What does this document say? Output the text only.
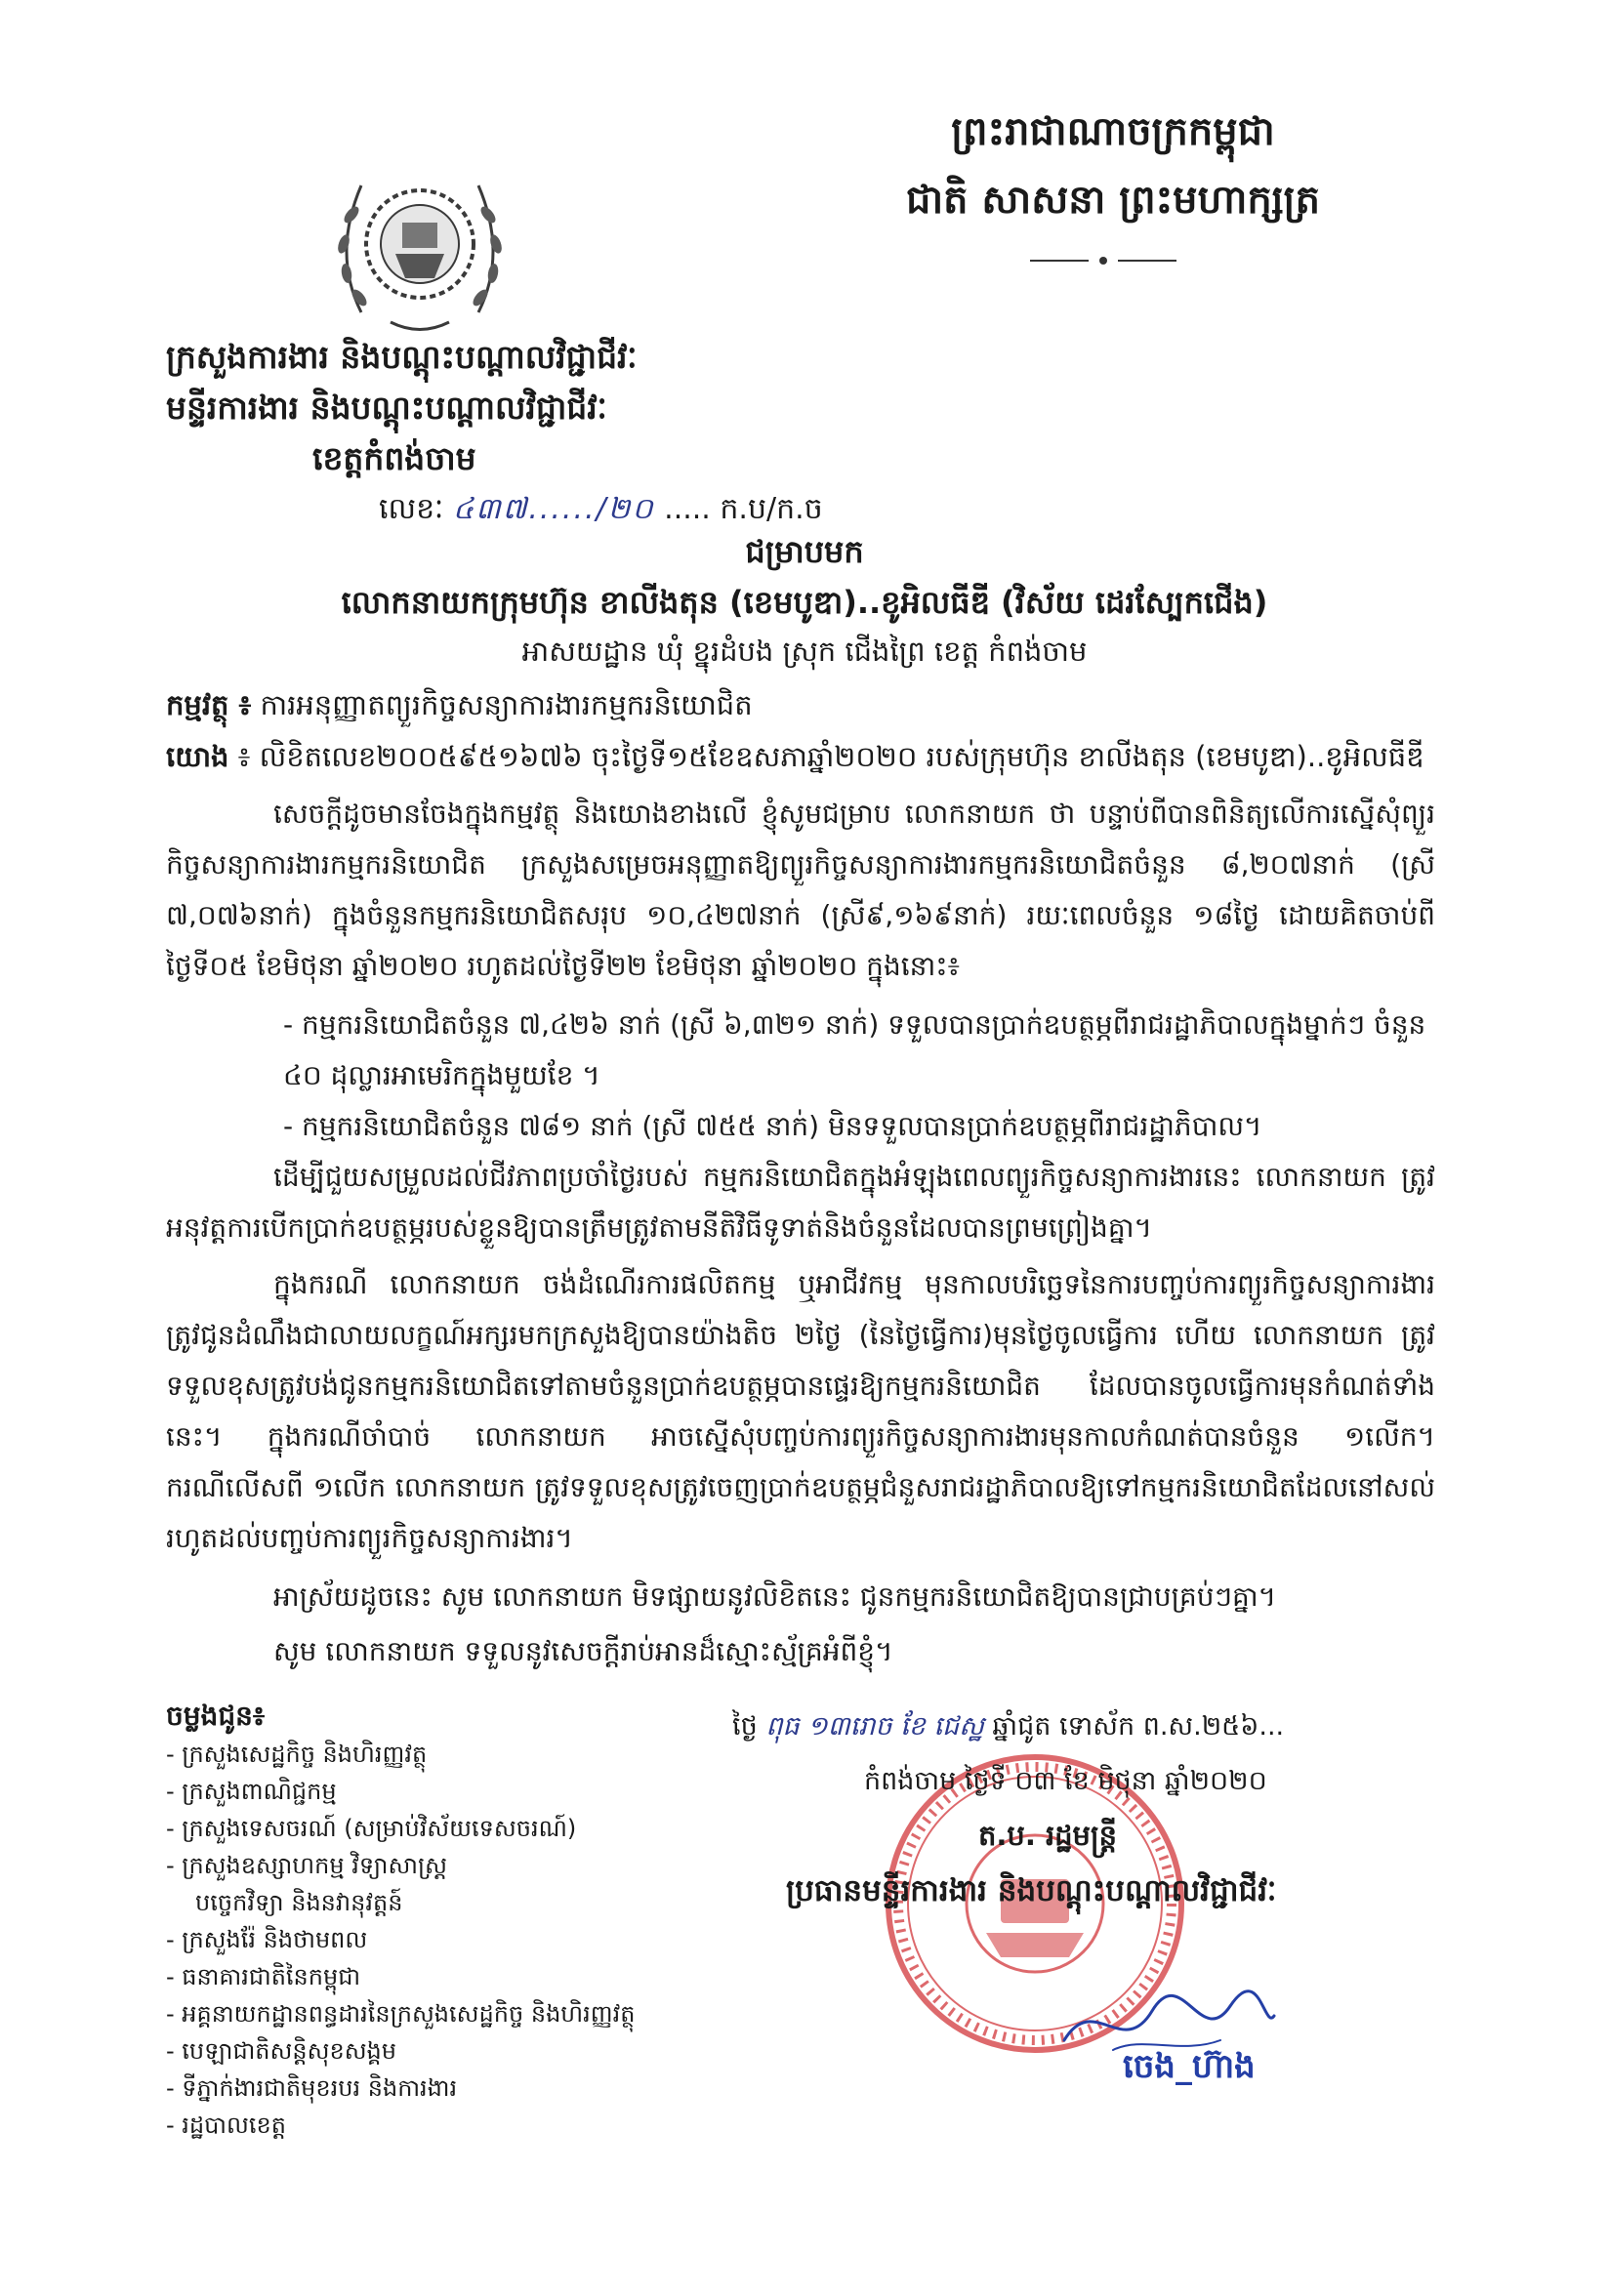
ព្រះរាជាណាចក្រកម្ពុជា
ជាតិ សាសនា ព្រះមហាក្សត្រ
ក្រសួងការងារ និងបណ្តុះបណ្តាលវិជ្ជាជីវៈ
មន្ទីរការងារ និងបណ្តុះបណ្តាលវិជ្ជាជីវៈ
ខេត្តកំពង់ចាម
លេខៈ ៤៣៧....../២០ ..... ក.ប/ក.ច
ជម្រាបមក
លោកនាយកក្រុមហ៊ុន ខាលីងតុន (ខេមបូឌា)..ខូអិលធីឌី (វិស័យ ដេរស្បែកជើង)
អាសយដ្ឋាន ឃុំ ខ្នុរដំបង ស្រុក ជើងព្រៃ ខេត្ត កំពង់ចាម
កម្មវត្ថុ ៖ ការអនុញ្ញាតព្យួរកិច្ចសន្យាការងារកម្មករនិយោជិត
យោង ៖ លិខិតលេខ២០០៥៩៥១៦៧៦ ចុះថ្ងៃទី១៥ខែឧសភាឆ្នាំ២០២០ របស់ក្រុមហ៊ុន ខាលីងតុន (ខេមបូឌា)..ខូអិលធីឌី
សេចក្តីដូចមានចែងក្នុងកម្មវត្ថុ និងយោងខាងលើ ខ្ញុំសូមជម្រាប លោកនាយក ថា បន្ទាប់ពីបានពិនិត្យលើការស្នើសុំព្យួរកិច្ចសន្យាការងារកម្មករនិយោជិត ក្រសួងសម្រេចអនុញ្ញាតឱ្យព្យួរកិច្ចសន្យាការងារកម្មករនិយោជិតចំនួន ៨,២០៧នាក់ (ស្រី ៧,០៧៦នាក់) ក្នុងចំនួនកម្មករនិយោជិតសរុប ១០,៤២៧នាក់ (ស្រី៩,១៦៩នាក់) រយៈពេលចំនួន ១៨ថ្ងៃ ដោយគិតចាប់ពីថ្ងៃទី០៥ ខែមិថុនា ឆ្នាំ២០២០ រហូតដល់ថ្ងៃទី២២ ខែមិថុនា ឆ្នាំ២០២០ ក្នុងនោះ៖
- កម្មករនិយោជិតចំនួន ៧,៤២៦ នាក់ (ស្រី ៦,៣២១ នាក់) ទទួលបានប្រាក់ឧបត្ថម្ភពីរាជរដ្ឋាភិបាលក្នុងម្នាក់ៗ ចំនួន ៤០ ដុល្លារអាមេរិកក្នុងមួយខែ ។
- កម្មករនិយោជិតចំនួន ៧៨១ នាក់ (ស្រី ៧៥៥ នាក់) មិនទទួលបានប្រាក់ឧបត្ថម្ភពីរាជរដ្ឋាភិបាល។
ដើម្បីជួយសម្រួលដល់ជីវភាពប្រចាំថ្ងៃរបស់ កម្មករនិយោជិតក្នុងអំឡុងពេលព្យួរកិច្ចសន្យាការងារនេះ លោកនាយក ត្រូវអនុវត្តការបើកប្រាក់ឧបត្ថម្ភរបស់ខ្លួនឱ្យបានត្រឹមត្រូវតាមនីតិវិធីទូទាត់និងចំនួនដែលបានព្រមព្រៀងគ្នា។
ក្នុងករណី លោកនាយក ចង់ដំណើរការផលិតកម្ម ឬអាជីវកម្ម មុនកាលបរិច្ឆេទនៃការបញ្ចប់ការព្យួរកិច្ចសន្យាការងារ ត្រូវជូនដំណឹងជាលាយលក្ខណ៍អក្សរមកក្រសួងឱ្យបានយ៉ាងតិច ២ថ្ងៃ (នៃថ្ងៃធ្វើការ)មុនថ្ងៃចូលធ្វើការ ហើយ លោកនាយក ត្រូវទទួលខុសត្រូវបង់ជូនកម្មករនិយោជិតទៅតាមចំនួនប្រាក់ឧបត្ថម្ភបានផ្ទេរឱ្យកម្មករនិយោជិត ដែលបានចូលធ្វើការមុនកំណត់ទាំងនេះ។ ក្នុងករណីចាំបាច់ លោកនាយក អាចស្នើសុំបញ្ចប់ការព្យួរកិច្ចសន្យាការងារមុនកាលកំណត់បានចំនួន ១លើក។ ករណីលើសពី ១លើក លោកនាយក ត្រូវទទួលខុសត្រូវចេញប្រាក់ឧបត្ថម្ភជំនួសរាជរដ្ឋាភិបាលឱ្យទៅកម្មករនិយោជិតដែលនៅសល់រហូតដល់បញ្ចប់ការព្យួរកិច្ចសន្យាការងារ។
អាស្រ័យដូចនេះ សូម លោកនាយក មិទផ្សាយនូវលិខិតនេះ ជូនកម្មករនិយោជិតឱ្យបានជ្រាបគ្រប់ៗគ្នា។
សូម លោកនាយក ទទួលនូវសេចក្តីរាប់អានដ៏ស្មោះស្ម័គ្រអំពីខ្ញុំ។
ចម្លងជូន៖
- ក្រសួងសេដ្ឋកិច្ច និងហិរញ្ញវត្ថុ
- ក្រសួងពាណិជ្ជកម្ម
- ក្រសួងទេសចរណ៍ (សម្រាប់វិស័យទេសចរណ៍)
- ក្រសួងឧស្សាហកម្ម វិទ្យាសាស្ត្រ
បច្ចេកវិទ្យា និងនវានុវត្តន៍
- ក្រសួងរ៉ែ និងថាមពល
- ធនាគារជាតិនៃកម្ពុជា
- អគ្គនាយកដ្ឋានពន្ធដារនៃក្រសួងសេដ្ឋកិច្ច និងហិរញ្ញវត្ថុ
- បេឡាជាតិសន្តិសុខសង្គម
- ទីភ្នាក់ងារជាតិមុខរបរ និងការងារ
- រដ្ឋបាលខេត្ត
ថ្ងៃ ពុធ ១៣រោច ខែ ជេស្ឋ ឆ្នាំជូត ទោស័ក ព.ស.២៥៦...
កំពង់ចាម ថ្ងៃទី ០៣ ខែ មិថុនា ឆ្នាំ២០២០
ត.ប. រដ្ឋមន្ត្រី
ប្រធានមន្ទីរការងារ និងបណ្តុះបណ្តាលវិជ្ជាជីវៈ
ចេង_ហ៊ាង
